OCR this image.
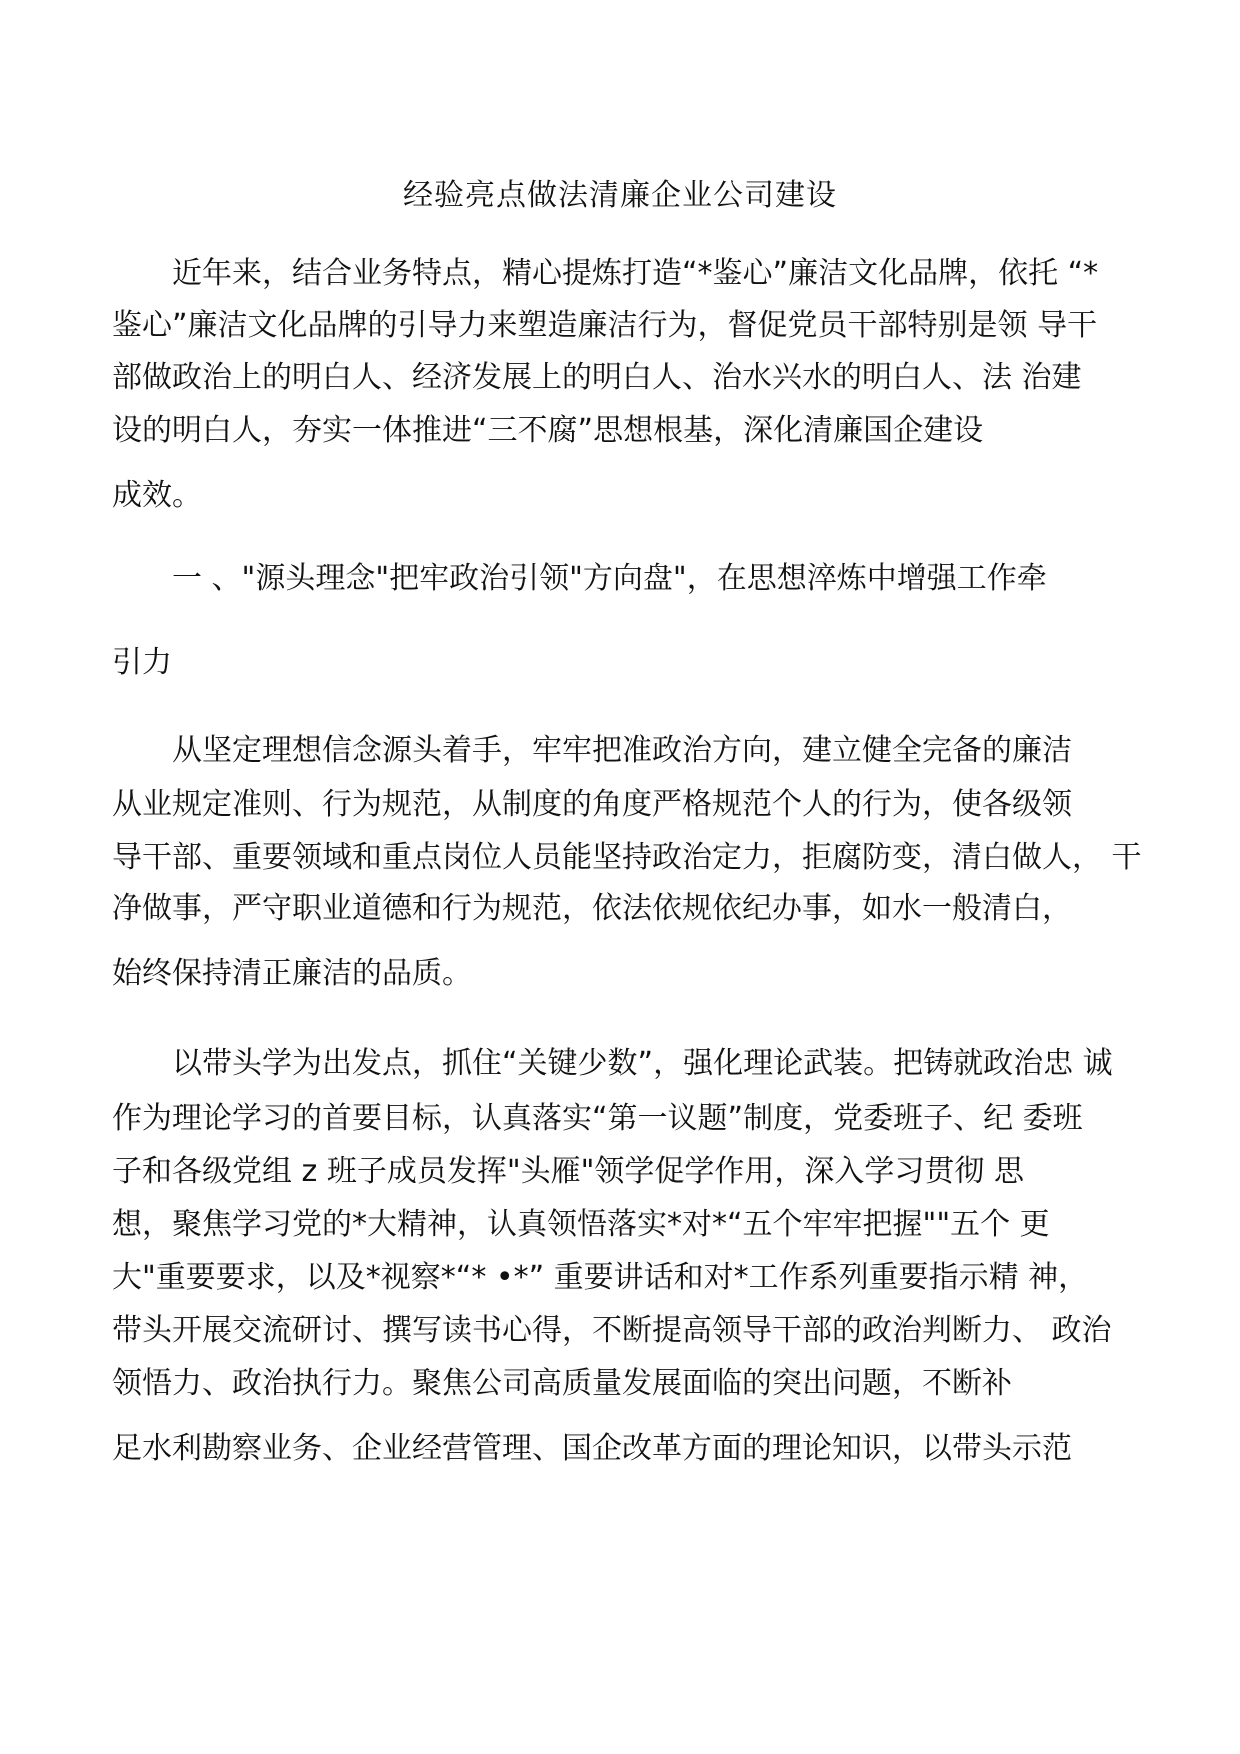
经验亮点做法清廉企业公司建设
近年来，结合业务特点，精心提炼打造“*鉴心”廉洁文化品牌，依托 “*
鉴心”廉洁文化品牌的引导力来塑造廉洁行为，督促党员干部特别是领 导干
部做政治上的明白人、经济发展上的明白人、治水兴水的明白人、法 治建
设的明白人，夯实一体推进“三不腐”思想根基，深化清廉国企建设
成效。
一 、"源头理念"把牢政治引领"方向盘"，在思想淬炼中增强工作牵
引力
从坚定理想信念源头着手，牢牢把准政治方向，建立健全完备的廉洁
从业规定准则、行为规范，从制度的角度严格规范个人的行为，使各级领
导干部、重要领域和重点岗位人员能坚持政治定力，拒腐防变，清白做人， 干
净做事，严守职业道德和行为规范，依法依规依纪办事，如水一般清白，
始终保持清正廉洁的品质。
以带头学为出发点，抓住“关键少数”，强化理论武装。把铸就政治忠 诚
作为理论学习的首要目标，认真落实“第一议题”制度，党委班子、纪 委班
子和各级党组 z 班子成员发挥"头雁"领学促学作用，深入学习贯彻 思
想，聚焦学习党的*大精神，认真领悟落实*对*“五个牢牢把握""五个 更
大"重要要求，以及*视察*“* •*” 重要讲话和对*工作系列重要指示精 神，
带头开展交流研讨、撰写读书心得，不断提高领导干部的政治判断力、 政治
领悟力、政治执行力。聚焦公司高质量发展面临的突出问题，不断补
足水利勘察业务、企业经营管理、国企改革方面的理论知识，以带头示范
